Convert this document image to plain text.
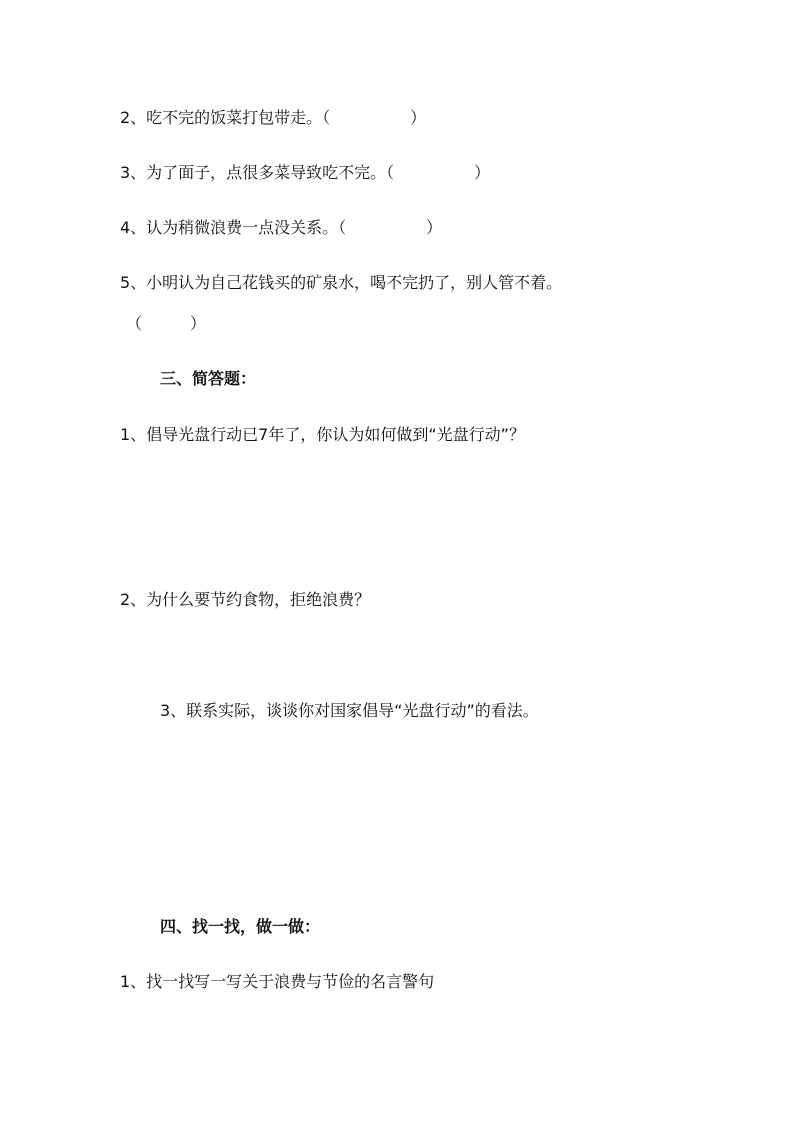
2、吃不完的饭菜打包带走。（　　　　　）
3、为了面子，点很多菜导致吃不完。（　　　　　）
4、认为稍微浪费一点没关系。（　　　　　）
5、小明认为自己花钱买的矿泉水，喝不完扔了，别人管不着。
（　　　）
三、简答题：
1、倡导光盘行动已7年了，你认为如何做到“光盘行动”？
2、为什么要节约食物，拒绝浪费？
3、联系实际，谈谈你对国家倡导“光盘行动”的看法。
四、找一找，做一做：
1、找一找写一写关于浪费与节俭的名言警句
